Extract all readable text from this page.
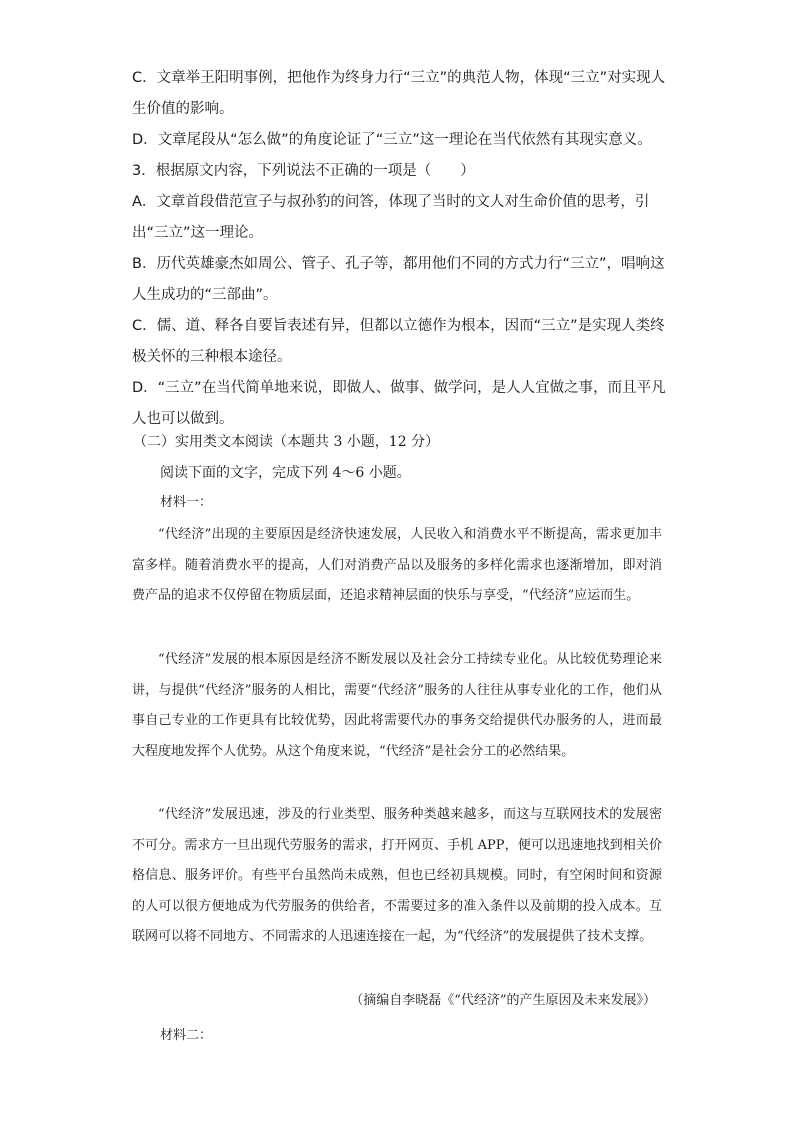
C．文章举王阳明事例，把他作为终身力行“三立”的典范人物，体现“三立”对实现人生价值的影响。

D．文章尾段从“怎么做”的角度论证了“三立”这一理论在当代依然有其现实意义。

3．根据原文内容，下列说法不正确的一项是（　　）

A．文章首段借范宣子与叔孙豹的问答，体现了当时的文人对生命价值的思考，引出“三立”这一理论。

B．历代英雄豪杰如周公、管子、孔子等，都用他们不同的方式力行“三立”，唱响这人生成功的“三部曲”。

C．儒、道、释各自要旨表述有异，但都以立德作为根本，因而“三立”是实现人类终极关怀的三种根本途径。

D．“三立”在当代简单地来说，即做人、做事、做学问，是人人宜做之事，而且平凡人也可以做到。

（二）实用类文本阅读（本题共 3 小题，12 分）

阅读下面的文字，完成下列 4～6 小题。

材料一：

“代经济”出现的主要原因是经济快速发展，人民收入和消费水平不断提高，需求更加丰富多样。随着消费水平的提高，人们对消费产品以及服务的多样化需求也逐渐增加，即对消费产品的追求不仅停留在物质层面，还追求精神层面的快乐与享受，“代经济”应运而生。

“代经济”发展的根本原因是经济不断发展以及社会分工持续专业化。从比较优势理论来讲，与提供“代经济”服务的人相比，需要“代经济”服务的人往往从事专业化的工作，他们从事自己专业的工作更具有比较优势，因此将需要代办的事务交给提供代办服务的人，进而最大程度地发挥个人优势。从这个角度来说，“代经济”是社会分工的必然结果。

“代经济”发展迅速，涉及的行业类型、服务种类越来越多，而这与互联网技术的发展密不可分。需求方一旦出现代劳服务的需求，打开网页、手机 APP，便可以迅速地找到相关价格信息、服务评价。有些平台虽然尚未成熟，但也已经初具规模。同时，有空闲时间和资源的人可以很方便地成为代劳服务的供给者，不需要过多的准入条件以及前期的投入成本。互联网可以将不同地方、不同需求的人迅速连接在一起，为“代经济”的发展提供了技术支撑。

（摘编自李晓磊《“代经济”的产生原因及未来发展》）

材料二：
